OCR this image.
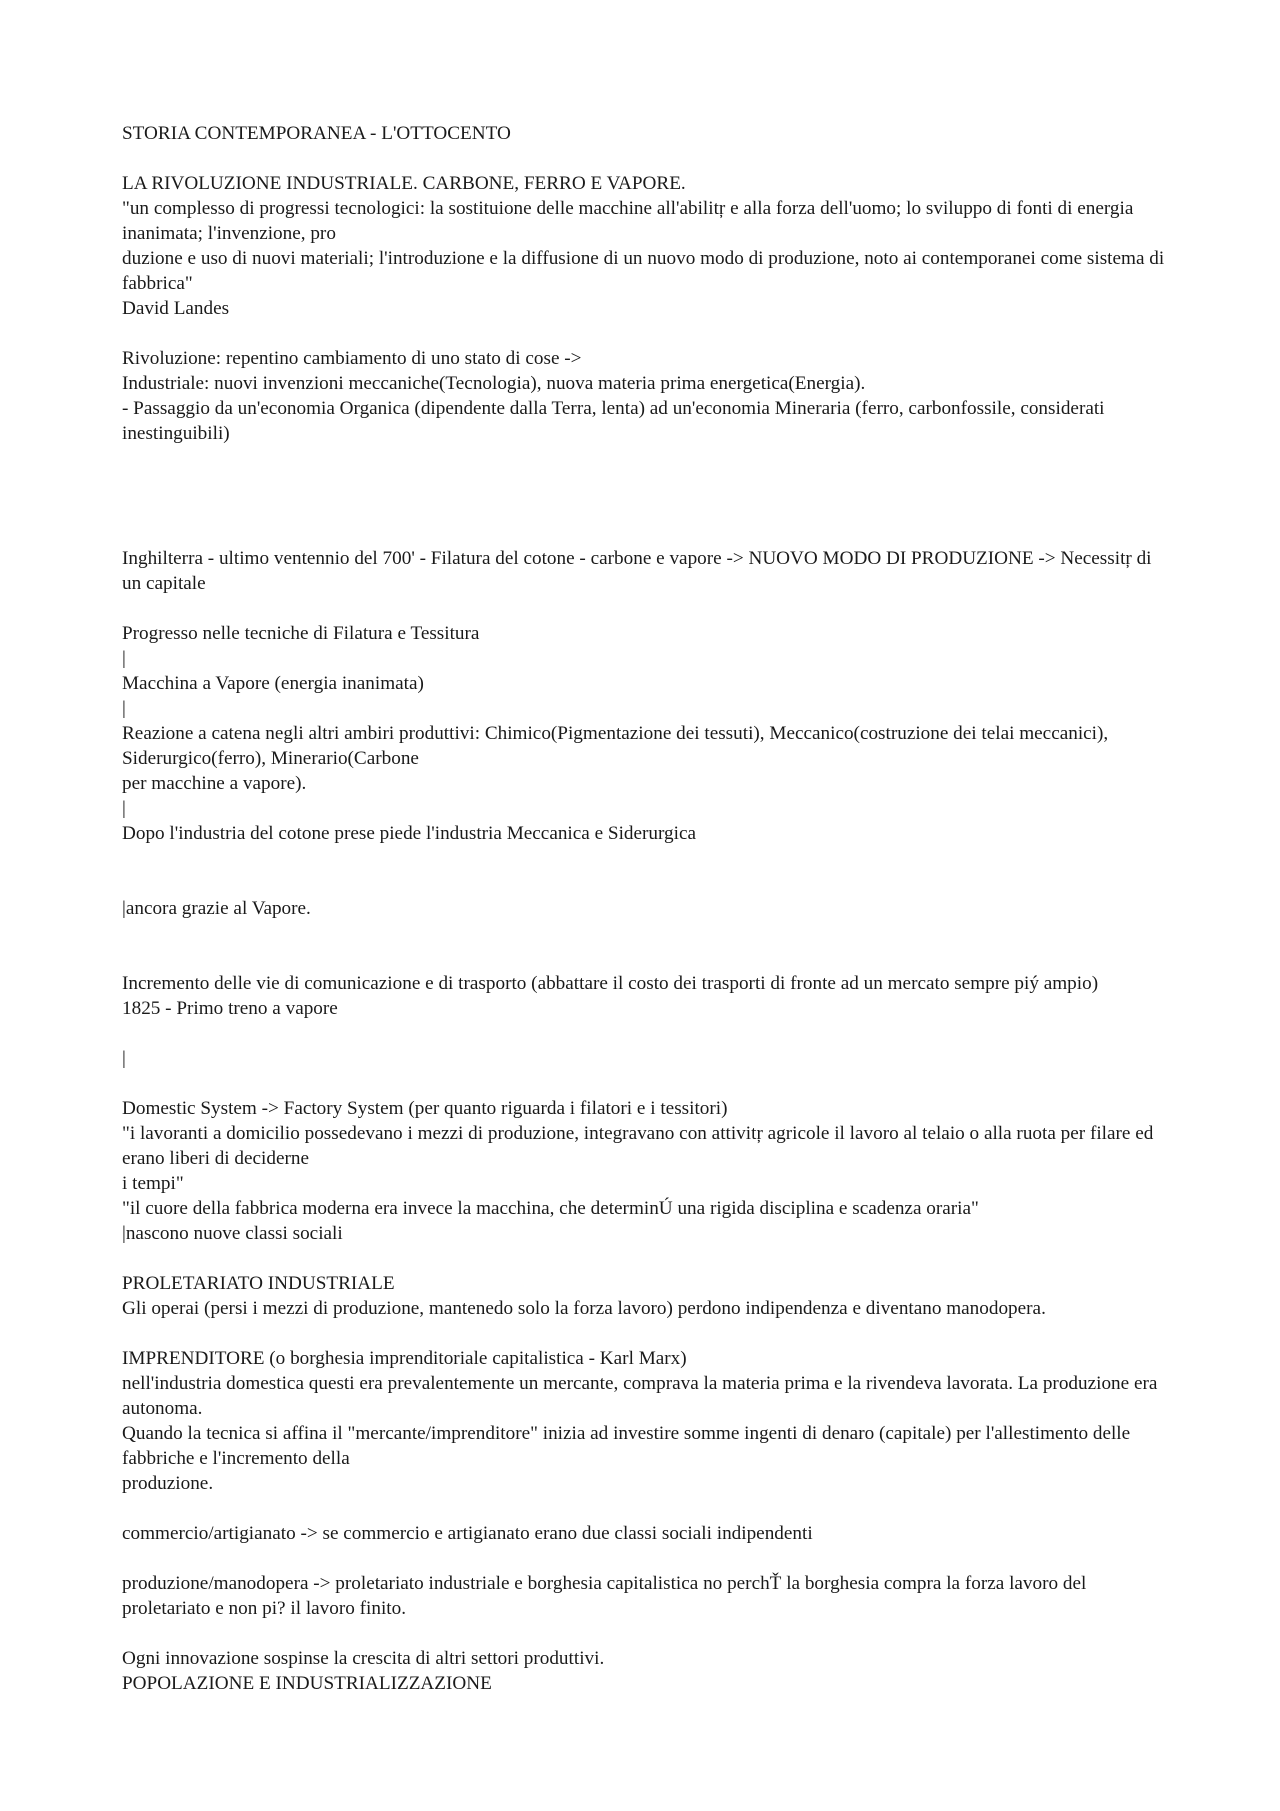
STORIA CONTEMPORANEA - L'OTTOCENTO

LA RIVOLUZIONE INDUSTRIALE. CARBONE, FERRO E VAPORE.
"un complesso di progressi tecnologici: la sostituione delle macchine all'abilitŗ e alla forza dell'uomo; lo sviluppo di fonti di energia inanimata; l'invenzione, pro
duzione e uso di nuovi materiali; l'introduzione e la diffusione di un nuovo modo di produzione, noto ai contemporanei come sistema di fabbrica"
David Landes

Rivoluzione: repentino cambiamento di uno stato di cose ->
Industriale: nuovi invenzioni meccaniche(Tecnologia), nuova materia prima energetica(Energia).
- Passaggio da un'economia Organica (dipendente dalla Terra, lenta) ad un'economia Mineraria (ferro, carbonfossile, considerati inestinguibili)

Inghilterra - ultimo ventennio del 700' - Filatura del cotone - carbone e vapore -> NUOVO MODO DI PRODUZIONE -> Necessitŗ di un capitale

Progresso nelle tecniche di Filatura e Tessitura
|
Macchina a Vapore (energia inanimata)
|
Reazione a catena negli altri ambiri produttivi: Chimico(Pigmentazione dei tessuti), Meccanico(costruzione dei telai meccanici), Siderurgico(ferro), Minerario(Carbone
per macchine a vapore).
|
Dopo l'industria del cotone prese piede l'industria Meccanica e Siderurgica

|ancora grazie al Vapore.

Incremento delle vie di comunicazione e di trasporto (abbattare il costo dei trasporti di fronte ad un mercato sempre piý ampio)
1825 - Primo treno a vapore

|

Domestic System -> Factory System (per quanto riguarda i filatori e i tessitori)
"i lavoranti a domicilio possedevano i mezzi di produzione, integravano con attivitŗ agricole il lavoro al telaio o alla ruota per filare ed erano liberi di deciderne
i tempi"
"il cuore della fabbrica moderna era invece la macchina, che determinÚ una rigida disciplina e scadenza oraria"
|nascono nuove classi sociali

PROLETARIATO INDUSTRIALE
Gli operai (persi i mezzi di produzione, mantenedo solo la forza lavoro) perdono indipendenza e diventano manodopera.

IMPRENDITORE (o borghesia imprenditoriale capitalistica - Karl Marx)
nell'industria domestica questi era prevalentemente un mercante, comprava la materia prima e la rivendeva lavorata. La produzione era autonoma.
Quando la tecnica si affina il "mercante/imprenditore" inizia ad investire somme ingenti di denaro (capitale) per l'allestimento delle fabbriche e l'incremento della
produzione.

commercio/artigianato -> se commercio e artigianato erano due classi sociali indipendenti

produzione/manodopera -> proletariato industriale e borghesia capitalistica no perchŤ la borghesia compra la forza lavoro del proletariato e non pi? il lavoro finito.

Ogni innovazione sospinse la crescita di altri settori produttivi.
POPOLAZIONE E INDUSTRIALIZZAZIONE
